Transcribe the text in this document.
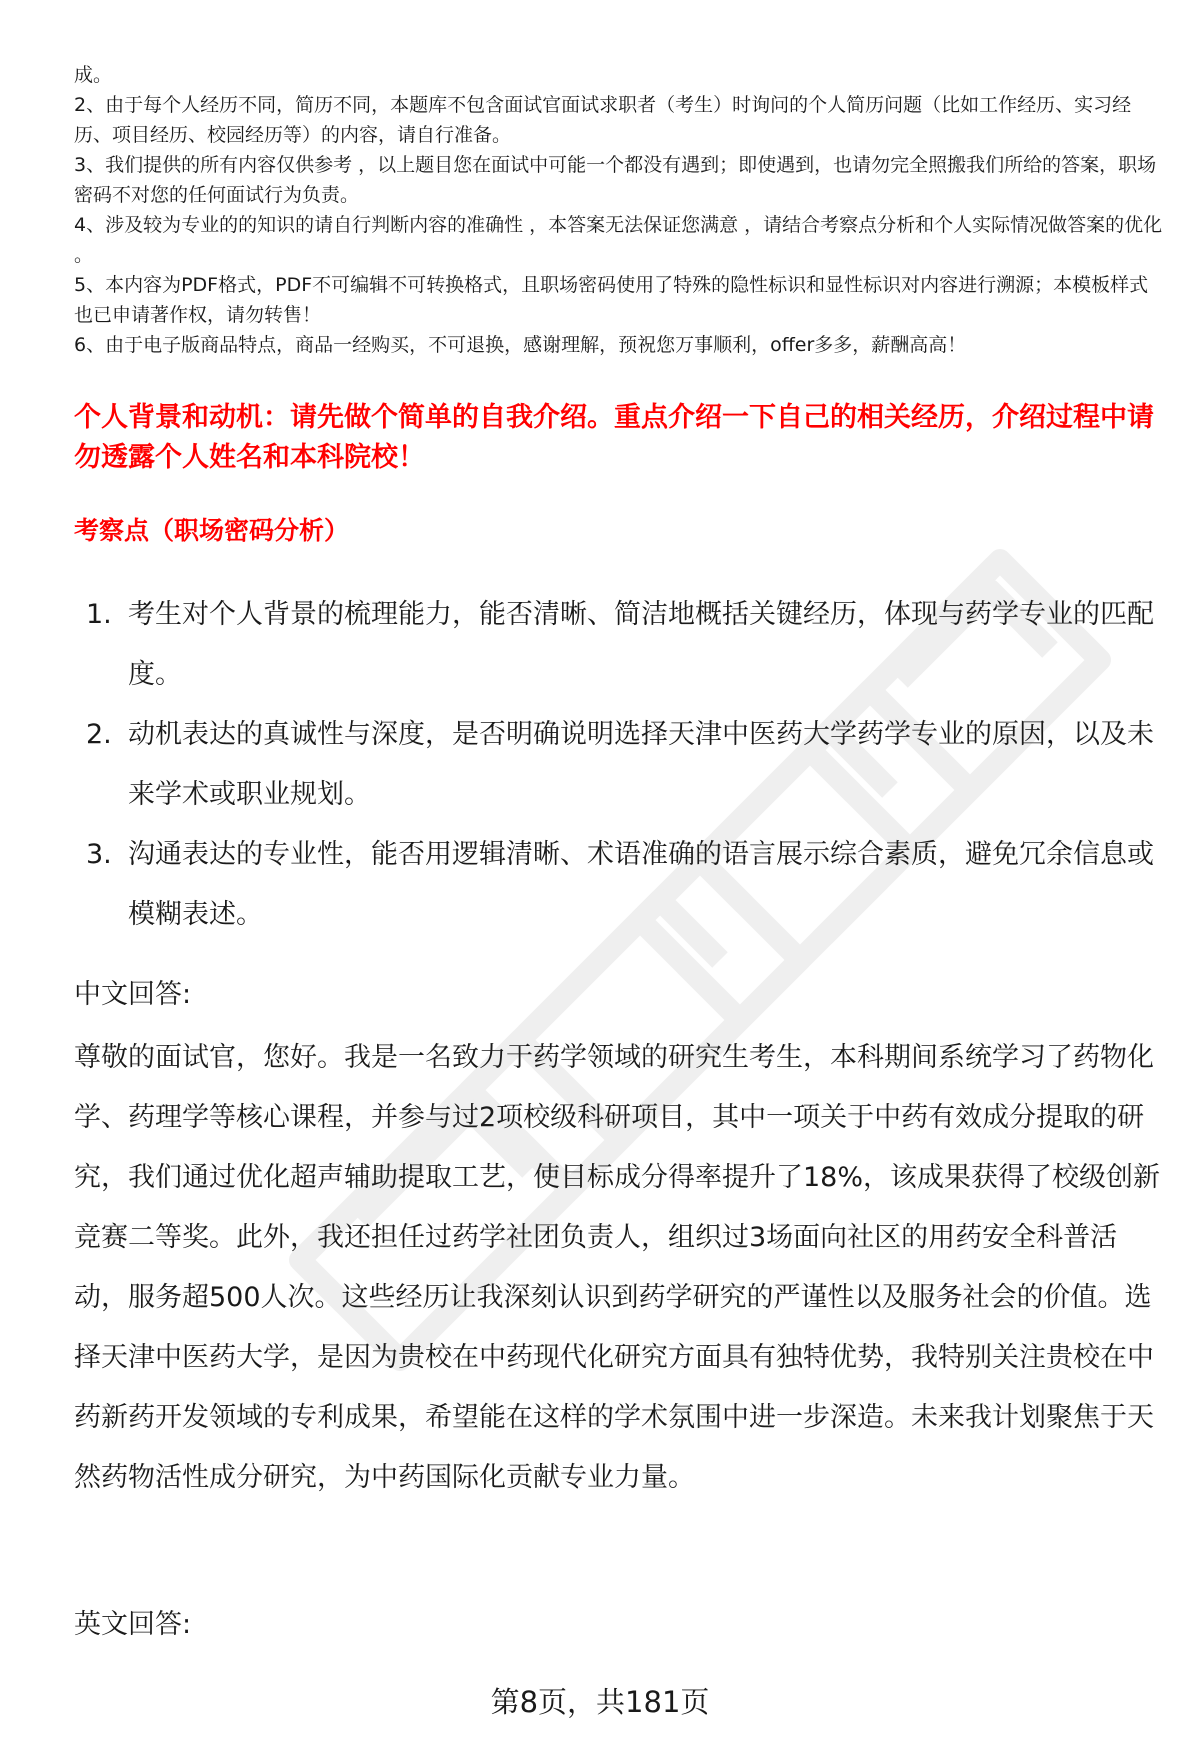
成。

2、由于每个人经历不同，简历不同，本题库不包含面试官面试求职者（考生）时询问的个人简历问题（比如工作经历、实习经历、项目经历、校园经历等）的内容，请自行准备。

3、我们提供的所有内容仅供参考 ，以上题目您在面试中可能一个都没有遇到；即使遇到，也请勿完全照搬我们所给的答案，职场密码不对您的任何面试行为负责。

4、涉及较为专业的的知识的请自行判断内容的准确性 ，本答案无法保证您满意 ，请结合考察点分析和个人实际情况做答案的优化 。

5、本内容为PDF格式，PDF不可编辑不可转换格式，且职场密码使用了特殊的隐性标识和显性标识对内容进行溯源；本模板样式也已申请著作权，请勿转售！

6、由于电子版商品特点，商品一经购买，不可退换，感谢理解，预祝您万事顺利，offer多多，薪酬高高！

个人背景和动机：请先做个简单的自我介绍。重点介绍一下自己的相关经历，介绍过程中请勿透露个人姓名和本科院校！
考察点（职场密码分析）
1. 考生对个人背景的梳理能力，能否清晰、简洁地概括关键经历，体现与药学专业的匹配度。
2. 动机表达的真诚性与深度，是否明确说明选择天津中医药大学药学专业的原因，以及未来学术或职业规划。
3. 沟通表达的专业性，能否用逻辑清晰、术语准确的语言展示综合素质，避免冗余信息或模糊表述。

中文回答:

尊敬的面试官，您好。我是一名致力于药学领域的研究生考生，本科期间系统学习了药物化学、药理学等核心课程，并参与过2项校级科研项目，其中一项关于中药有效成分提取的研究，我们通过优化超声辅助提取工艺，使目标成分得率提升了18%，该成果获得了校级创新竞赛二等奖。此外，我还担任过药学社团负责人，组织过3场面向社区的用药安全科普活动，服务超500人次。这些经历让我深刻认识到药学研究的严谨性以及服务社会的价值。选择天津中医药大学，是因为贵校在中药现代化研究方面具有独特优势，我特别关注贵校在中药新药开发领域的专利成果，希望能在这样的学术氛围中进一步深造。未来我计划聚焦于天然药物活性成分研究，为中药国际化贡献专业力量。

英文回答:

第8页，共181页
